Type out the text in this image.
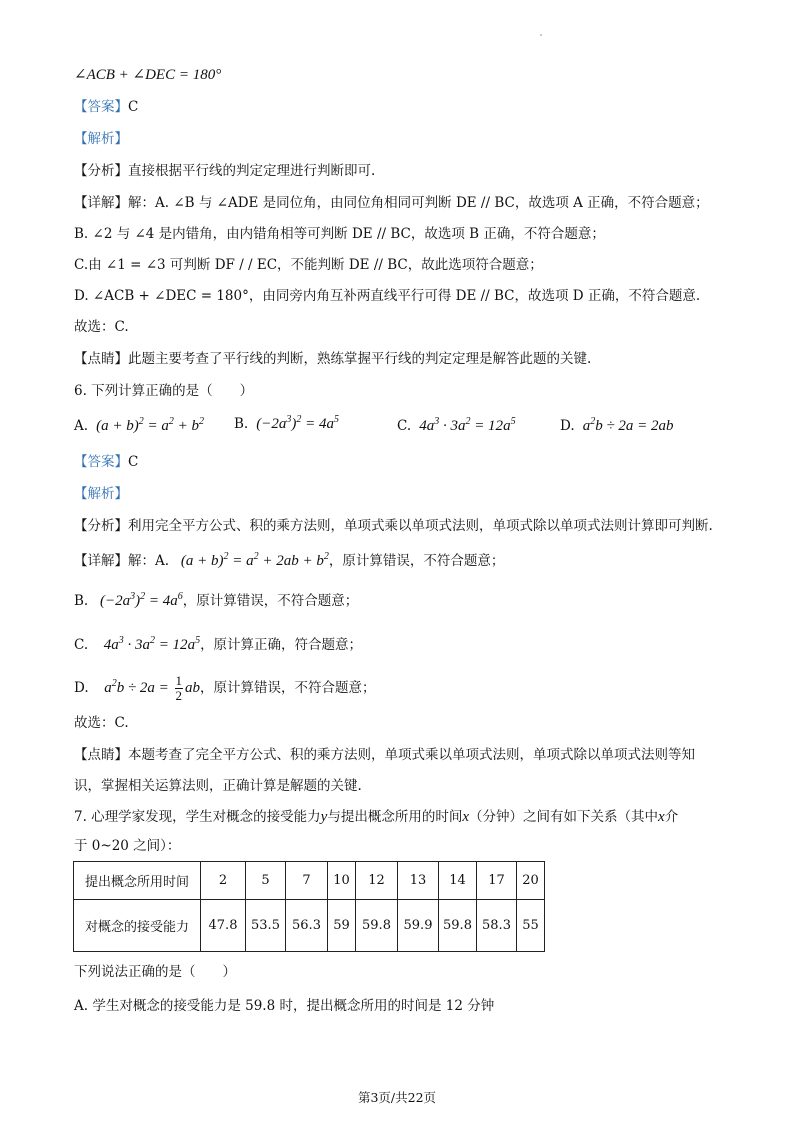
∠ACB + ∠DEC = 180°
【答案】C
【解析】
【分析】直接根据平行线的判定定理进行判断即可.
【详解】解：A. ∠B 与 ∠ADE 是同位角，由同位角相同可判断 DE // BC，故选项 A 正确，不符合题意；
B. ∠2 与 ∠4 是内错角，由内错角相等可判断 DE // BC，故选项 B 正确，不符合题意；
C.由 ∠1 = ∠3 可判断 DF / / EC，不能判断 DE // BC，故此选项符合题意；
D. ∠ACB + ∠DEC = 180°，由同旁内角互补两直线平行可得 DE // BC，故选项 D 正确，不符合题意.
故选：C.
【点睛】此题主要考查了平行线的判断，熟练掌握平行线的判定定理是解答此题的关键.
6. 下列计算正确的是（　　）
A.  $(a + b)^2 = a^2 + b^2$ B.  $(-2a^3)^2 = 4a^5$	C.  $4a^3 \cdot 3a^2 = 12a^5$	D. $a^2b \div 2a = 2ab$
【答案】C
【解析】
【分析】利用完全平方公式、积的乘方法则，单项式乘以单项式法则，单项式除以单项式法则计算即可判断.
【详解】解：A.   $(a + b)^2 = a^2 + 2ab + b^2$，原计算错误，不符合题意；
B.   $(-2a^3)^2 = 4a^6$，原计算错误，不符合题意；
C.    $4a^3 \cdot 3a^2 = 12a^5$，原计算正确，符合题意；
D. $a^2b \div 2a = \frac{1}{2}$ ab，原计算错误，不符合题意；
故选：C.
【点睛】本题考查了完全平方公式、积的乘方法则，单项式乘以单项式法则，单项式除以单项式法则等知
识，掌握相关运算法则，正确计算是解题的关键.
7. 心理学家发现，学生对概念的接受能力y与提出概念所用的时间x（分钟）之间有如下关系（其中x介
于 0~20 之间）：
提出概念所用时间	2	5	7	10	12	13	14	17	20
对概念的接受能力	47.8	53.5	56.3	59	59.8	59.9	59.8	58.3	55
下列说法正确的是（　　）
A. 学生对概念的接受能力是 59.8 时，提出概念所用的时间是 12 分钟
第3页/共22页
